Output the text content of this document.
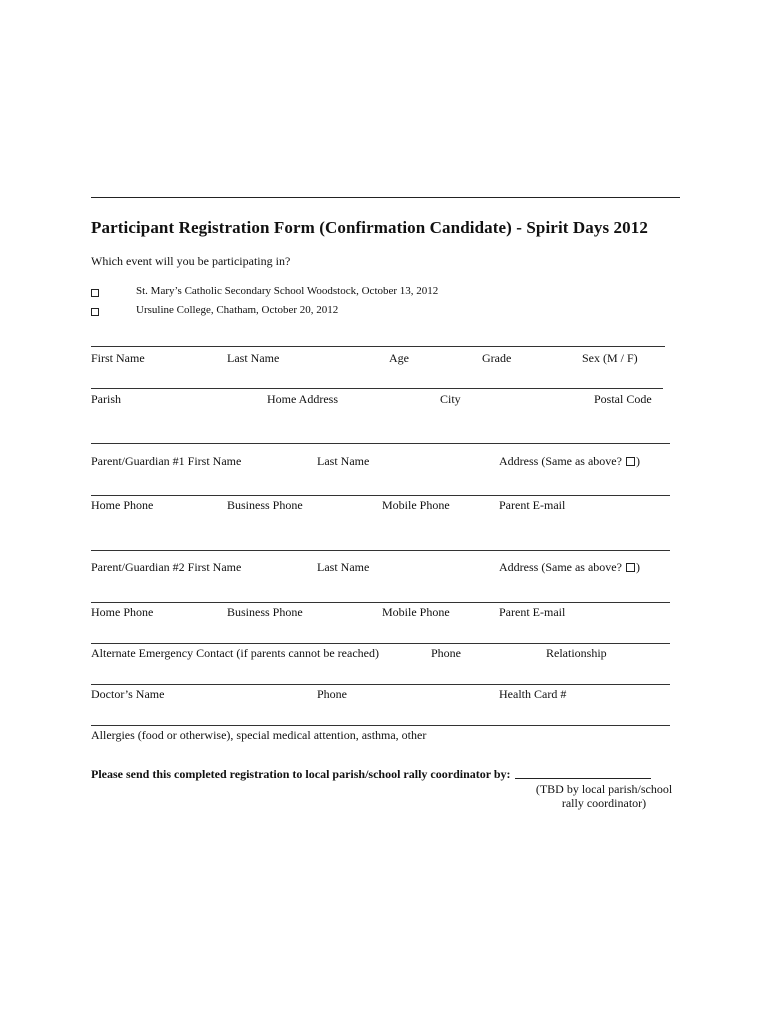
Participant Registration Form (Confirmation Candidate) - Spirit Days 2012
Which event will you be participating in?
St. Mary’s Catholic Secondary School Woodstock, October 13, 2012
Ursuline College, Chatham, October 20, 2012
First Name	Last Name	Age	Grade	Sex (M / F)
Parish	Home Address	City	Postal Code
Parent/Guardian #1 First Name	Last Name	Address (Same as above? )
Home Phone	Business Phone	Mobile Phone	Parent E-mail
Parent/Guardian #2 First Name	Last Name	Address (Same as above? )
Home Phone	Business Phone	Mobile Phone	Parent E-mail
Alternate Emergency Contact (if parents cannot be reached)	Phone	Relationship
Doctor’s Name	Phone	Health Card #
Allergies (food or otherwise), special medical attention, asthma, other
Please send this completed registration to local parish/school rally coordinator by:
(TBD by local parish/school
rally coordinator)
